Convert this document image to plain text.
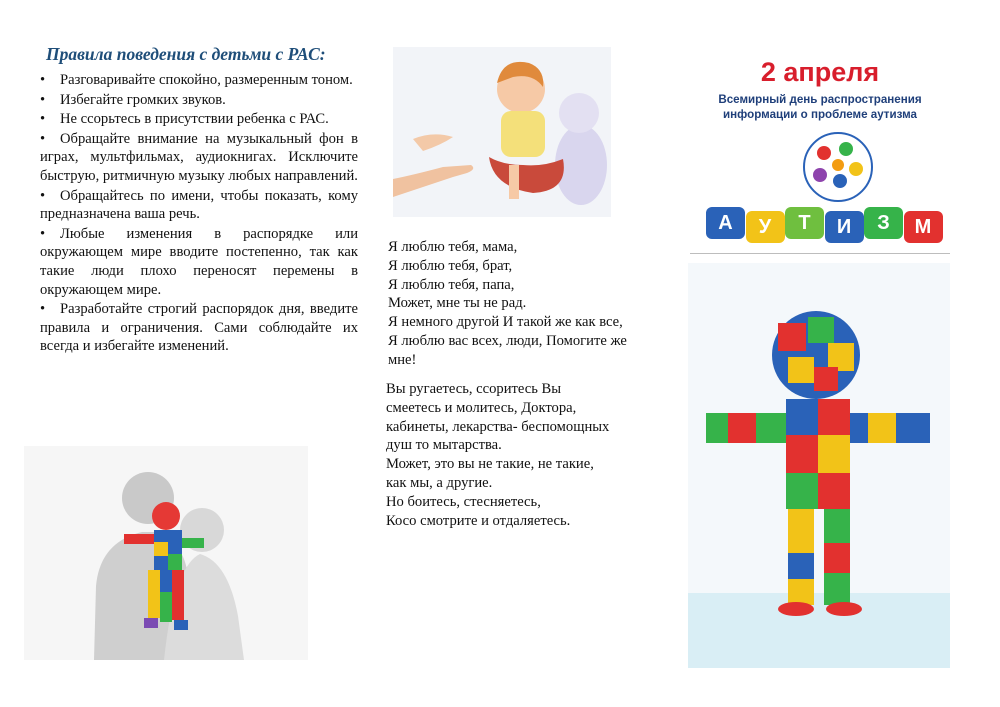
Правила поведения с детьми с РАС:
• Разговаривайте спокойно, размеренным тоном.
• Избегайте громких звуков.
• Не ссорьтесь в присутствии ребенка с РАС.
• Обращайте внимание на музыкальный фон в играх, мультфильмах, аудиокнигах. Исключите быструю, ритмичную музыку любых направлений.
• Обращайтесь по имени, чтобы показать, кому предназначена ваша речь.
• Любые изменения в распорядке или окружающем мире вводите постепенно, так как такие люди плохо переносят перемены в окружающем мире.
• Разработайте строгий распорядок дня, введите правила и ограничения. Сами соблюдайте их всегда и избегайте изменений.
Я люблю тебя, мама,
Я люблю тебя, брат,
Я люблю тебя, папа,
Может, мне ты не рад.
Я немного другой И такой же как все,
Я люблю вас всех, люди, Помогите же
мне!
Вы ругаетесь, ссоритесь Вы
смеетесь и молитесь, Доктора,
кабинеты, лекарства- беспомощных
душ то мытарства.
Может, это вы не такие, не такие,
как мы, а другие.
Но боитесь, стесняетесь,
Косо смотрите и отдаляетесь.
2 апреля
Всемирный день распространения
информации о проблеме аутизма
А У Т И З М
